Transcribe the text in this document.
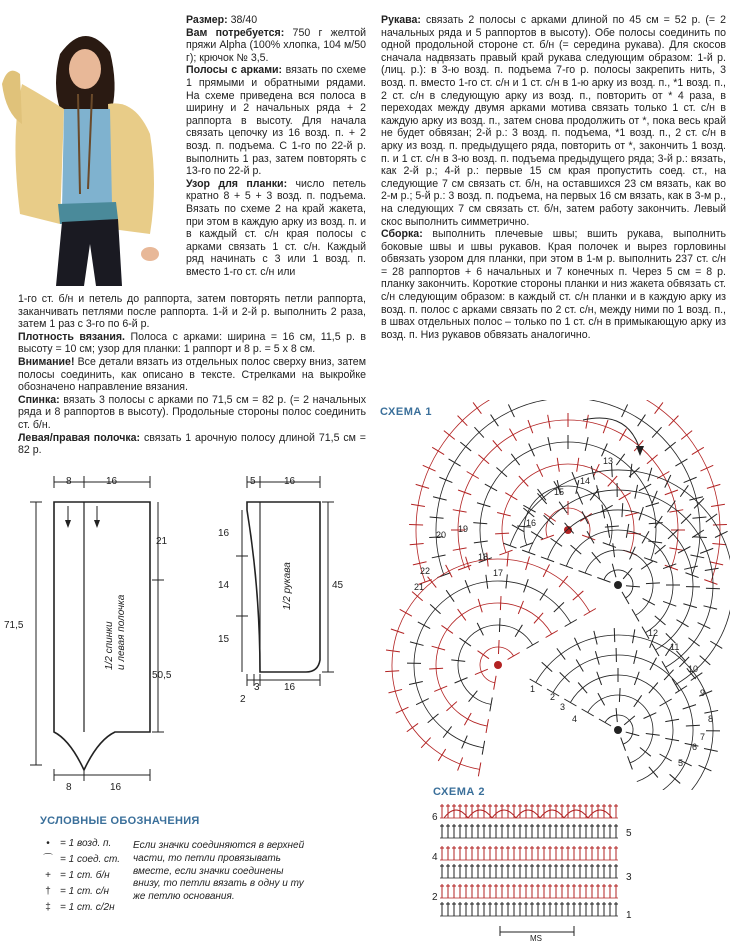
Размер: 38/40

Вам потребуется: 750 г желтой пряжи Alpha (100% хлопка, 104 м/50 г); крючок № 3,5.

Полосы с арками: вязать по схеме 1 прямыми и обратными рядами. На схеме приведена вся полоса в ширину и 2 начальных ряда + 2 раппорта в высоту. Для начала связать цепочку из 16 возд. п. + 2 возд. п. подъема. С 1-го по 22-й р. выполнить 1 раз, затем повторять с 13-го по 22-й р.

Узор для планки: число петель кратно 8 + 5 + 3 возд. п. подъема. Вязать по схеме 2 на край жакета, при этом в каждую арку из возд. п. и в каждый ст. с/н края полосы с арками связать 1 ст. с/н. Каждый ряд начинать с 3 или 1 возд. п. вместо 1-го ст. с/н или

1-го ст. б/н и петель до раппорта, затем повторять петли раппорта, заканчивать петлями после раппорта. 1-й и 2-й р. выполнить 2 раза, затем 1 раз с 3-го по 6-й р.

Плотность вязания. Полоса с арками: ширина = 16 см, 11,5 р. в высоту = 10 см; узор для планки: 1 раппорт и 8 р. = 5 х 8 см.

Внимание! Все детали вязать из отдельных полос сверху вниз, затем полосы соединить, как описано в тексте. Стрелками на выкройке обозначено направление вязания.

Спинка: вязать 3 полосы с арками по 71,5 см = 82 р. (= 2 начальных ряда и 8 раппортов в высоту). Продольные стороны полос соединить ст. б/н.

Левая/правая полочка: связать 1 арочную полосу длиной 71,5 см = 82 р.

Рукава: связать 2 полосы с арками длиной по 45 см = 52 р. (= 2 начальных ряда и 5 раппортов в высоту). Обе полосы соединить по одной продольной стороне ст. б/н (= середина рукава). Для скосов сначала надвязать правый край рукава следующим образом: 1-й р. (лиц. р.): в 3-ю возд. п. подъема 7-го р. полосы закрепить нить, 3 возд. п. вместо 1-го ст. с/н и 1 ст. с/н в 1-ю арку из возд. п., *1 возд. п., 2 ст. с/н в следующую арку из возд. п., повторить от * 4 раза, в переходах между двумя арками мотива связать только 1 ст. с/н в каждую арку из возд. п., затем снова продолжить от *, пока весь край не будет обвязан; 2-й р.: 3 возд. п. подъема, *1 возд. п., 2 ст. с/н в арку из возд. п. предыдущего ряда, повторить от *, закончить 1 возд. п. и 1 ст. с/н в 3-ю возд. п. подъема предыдущего ряда; 3-й р.: вязать, как 2-й р.; 4-й р.: первые 15 см края пропустить соед. ст., на следующие 7 см связать ст. б/н, на оставшихся 23 см вязать, как во 2-м р.; 5-й р.: 3 возд. п. подъема, на первых 16 см вязать, как в 3-м р., на следующих 7 см связать ст. б/н, затем работу закончить. Левый скос выполнить симметрично.

Сборка: выполнить плечевые швы; вшить рукава, выполнить боковые швы и швы рукавов. Края полочек и вырез горловины обвязать узором для планки, при этом в 1-м р. выполнить 237 ст. с/н = 28 раппортов + 6 начальных и 7 конечных п. Через 5 см = 8 р. планку закончить. Короткие стороны планки и низ жакета обвязать ст. с/н следующим образом: в каждый ст. с/н планки и в каждую арку из возд. п. полос с арками связать по 2 ст. с/н, между ними по 1 возд. п., в швах отдельных полос – только по 1 ст. с/н в примыкающую арку из возд. п. Низ рукавов обвязать аналогично.

8	16
21
50,5
71,5
8	16
1/2 спинки и левая полочка
5	16
16
14
15
45
3
2
16
1/2 рукава
СХЕМА 1
22
21
20
19
18
17
16
15
14
13
5
6
7
8
9
10
11
12
1
2
3
4
СХЕМА 2
6
4
2
5
3
1
МS
УСЛОВНЫЕ ОБОЗНАЧЕНИЯ
•	= 1 возд. п.
⌒ = 1 соед. ст.
+ = 1 ст. б/н
† = 1 ст. с/н
‡ = 1 ст. с/2н
Если значки соединяются в верхней части, то петли провязывать вместе, если значки соединены внизу, то петли вязать в одну и ту же петлю основания.
